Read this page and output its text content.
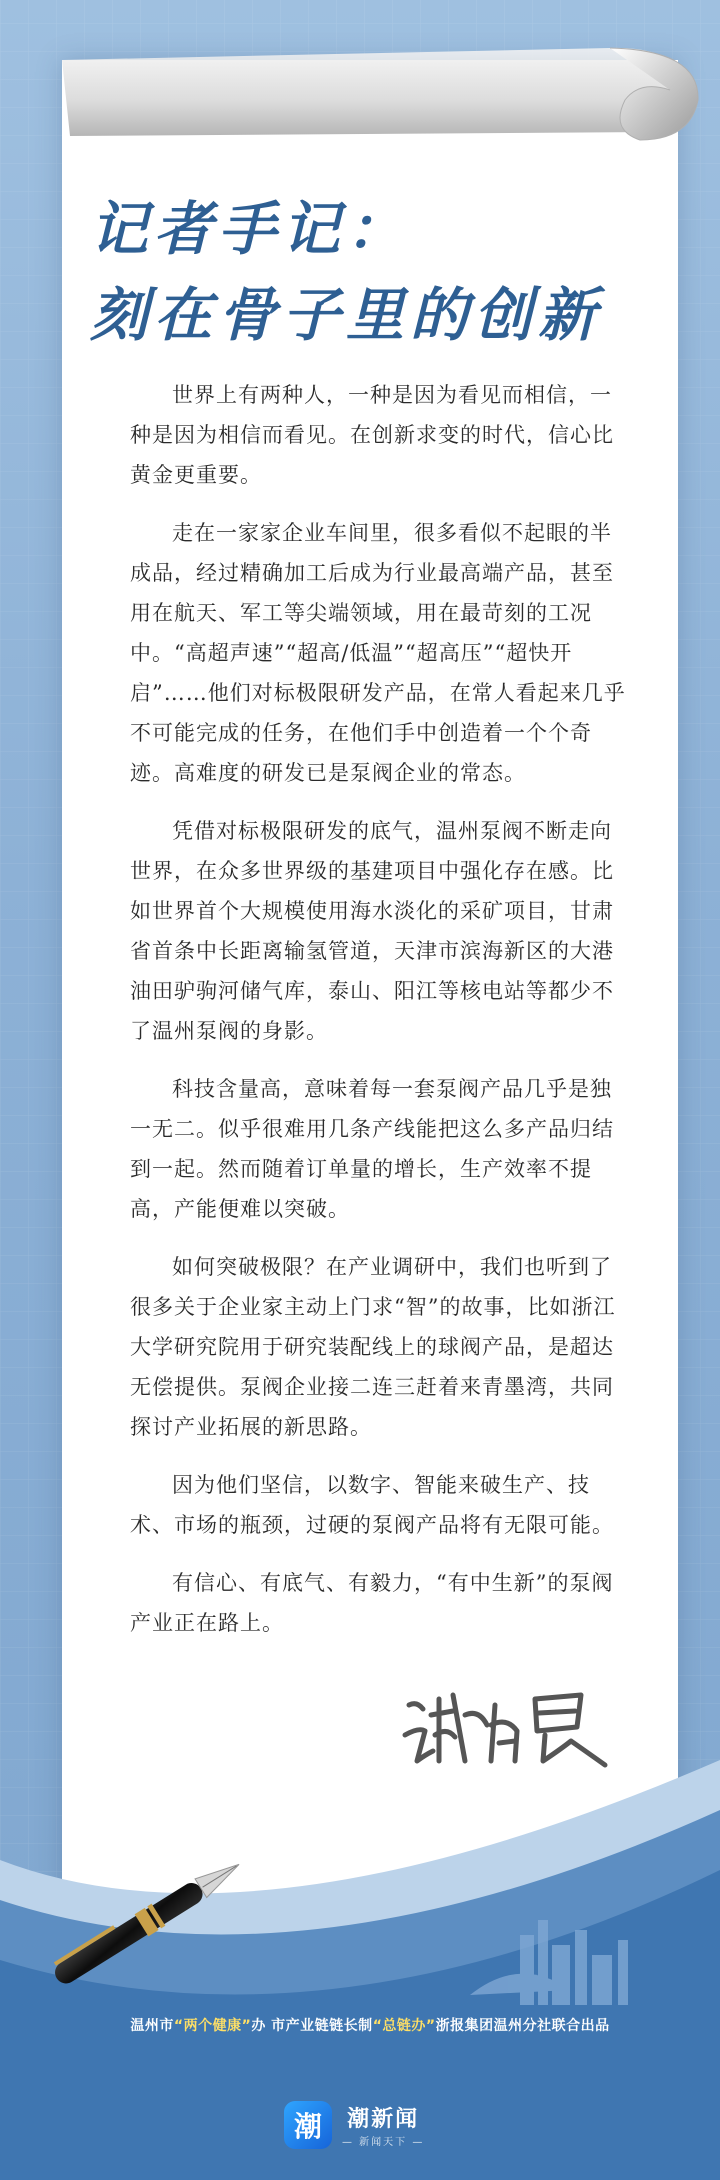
记者手记：
刻在骨子里的创新

世界上有两种人，一种是因为看见而相信，一种是因为相信而看见。在创新求变的时代，信心比黄金更重要。

走在一家家企业车间里，很多看似不起眼的半成品，经过精确加工后成为行业最高端产品，甚至用在航天、军工等尖端领域，用在最苛刻的工况中。“高超声速”“超高/低温”“超高压”“超快开启”……他们对标极限研发产品，在常人看起来几乎不可能完成的任务，在他们手中创造着一个个奇迹。高难度的研发已是泵阀企业的常态。

凭借对标极限研发的底气，温州泵阀不断走向世界，在众多世界级的基建项目中强化存在感。比如世界首个大规模使用海水淡化的采矿项目，甘肃省首条中长距离输氢管道，天津市滨海新区的大港油田驴驹河储气库，泰山、阳江等核电站等都少不了温州泵阀的身影。

科技含量高，意味着每一套泵阀产品几乎是独一无二。似乎很难用几条产线能把这么多产品归结到一起。然而随着订单量的增长，生产效率不提高，产能便难以突破。

如何突破极限？在产业调研中，我们也听到了很多关于企业家主动上门求“智”的故事，比如浙江大学研究院用于研究装配线上的球阀产品，是超达无偿提供。泵阀企业接二连三赶着来青墨湾，共同探讨产业拓展的新思路。

因为他们坚信，以数字、智能来破生产、技术、市场的瓶颈，过硬的泵阀产品将有无限可能。

有信心、有底气、有毅力，“有中生新”的泵阀产业正在路上。

温州市 “两个健康” 办 市产业链链长制 “总链办” 浙报集团温州分社 联合出品
潮	潮新闻
— 新闻天下 —
